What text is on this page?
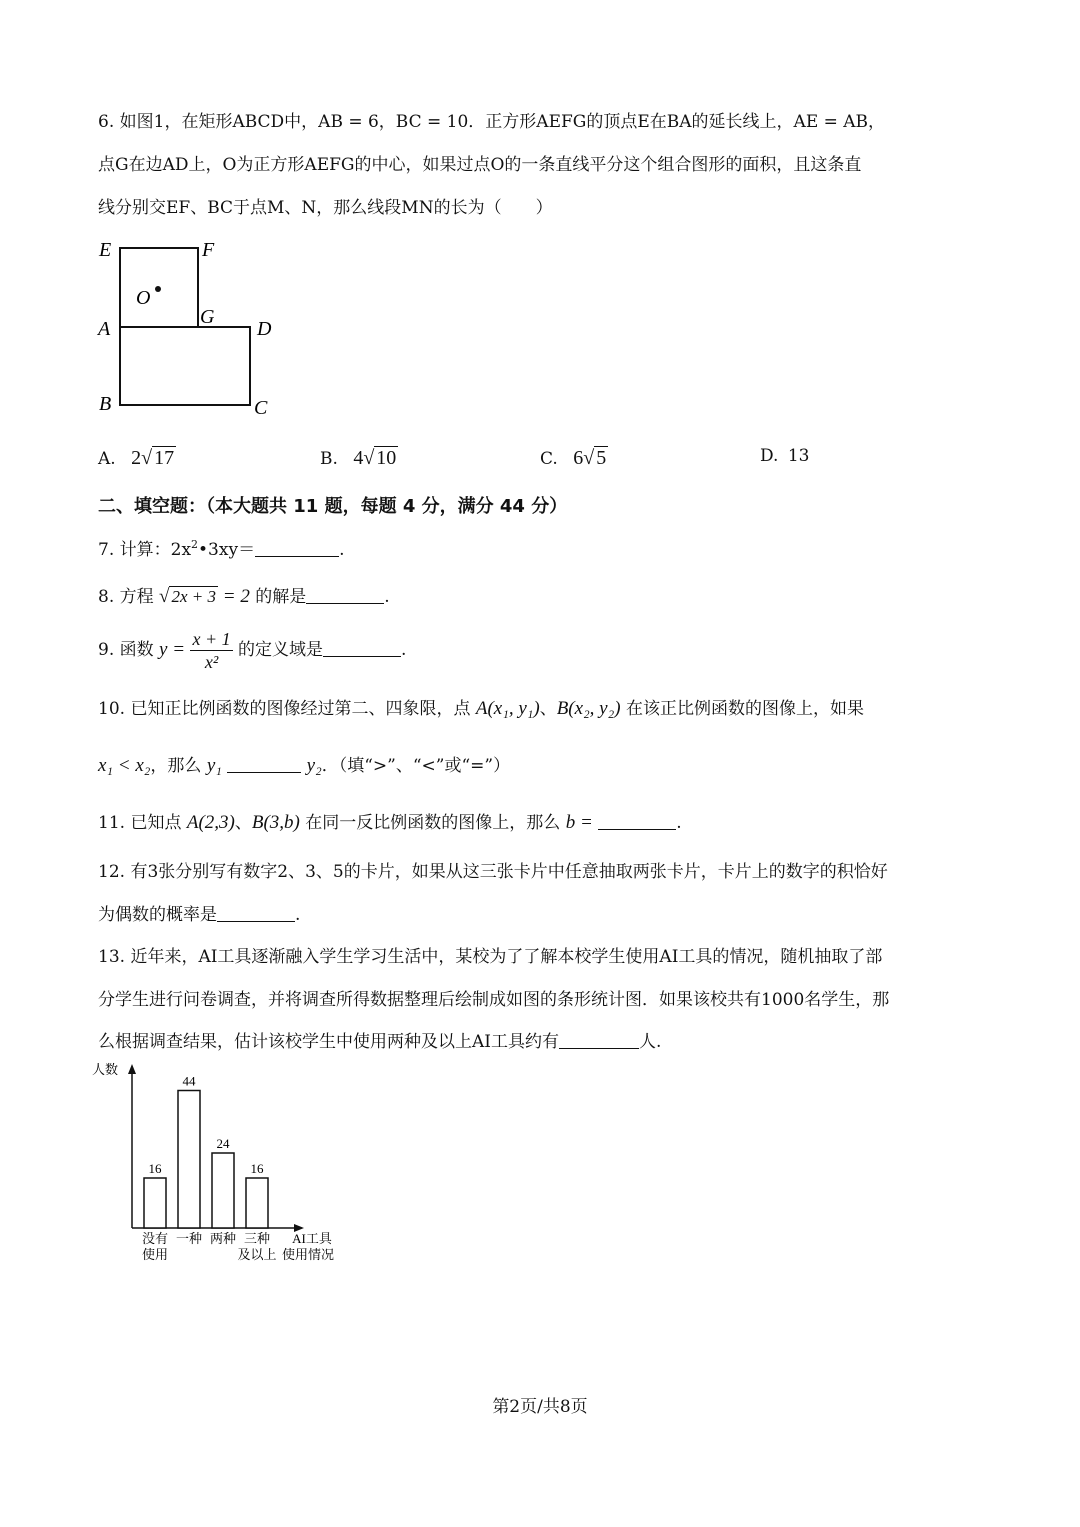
6. 如图1，在矩形ABCD中，AB = 6，BC = 10．正方形AEFG的顶点E在BA的延长线上，AE = AB，
点G在边AD上，O为正方形AEFG的中心，如果过点O的一条直线平分这个组合图形的面积，且这条直
线分别交EF、BC于点M、N，那么线段MN的长为（　　）
E	F
O
G
A	D
B	C
A. 2√ 17	B. 4√ 10	C. 6√ 5	D. 13
二、填空题：（本大题共 11 题，每题 4 分，满分 44 分）
7. 计算：$2x^2•3xy=$	.
8. 方程 √ 2x + 3 = 2 的解是	.
9. 函数 $y = \frac{x + 1}{\text{x²}}$ 的定义域是	.
10. 已知正比例函数的图像经过第二、四象限，点 A(x₁, y₁)、B(x₂, y₂) 在该正比例函数的图像上，如果
x₁ < x₂，那么 y₁	y₂．（填“>”、“<”或“=”）
11. 已知点 A(2,3)、B(3,b) 在同一反比例函数的图像上，那么 b =	.
12. 有3张分别写有数字2、3、5的卡片，如果从这三张卡片中任意抽取两张卡片，卡片上的数字的积恰好
为偶数的概率是	.
13. 近年来，AI工具逐渐融入学生学习生活中，某校为了了解本校学生使用AI工具的情况，随机抽取了部
分学生进行问卷调查，并将调查所得数据整理后绘制成如图的条形统计图．如果该校共有1000名学生，那
么根据调查结果，估计该校学生中使用两种及以上AI工具约有	人.
人数
16
没有
使用
44
一种
24
两种
16
三种
及以上
AI工具
使用情况
第2页/共8页
